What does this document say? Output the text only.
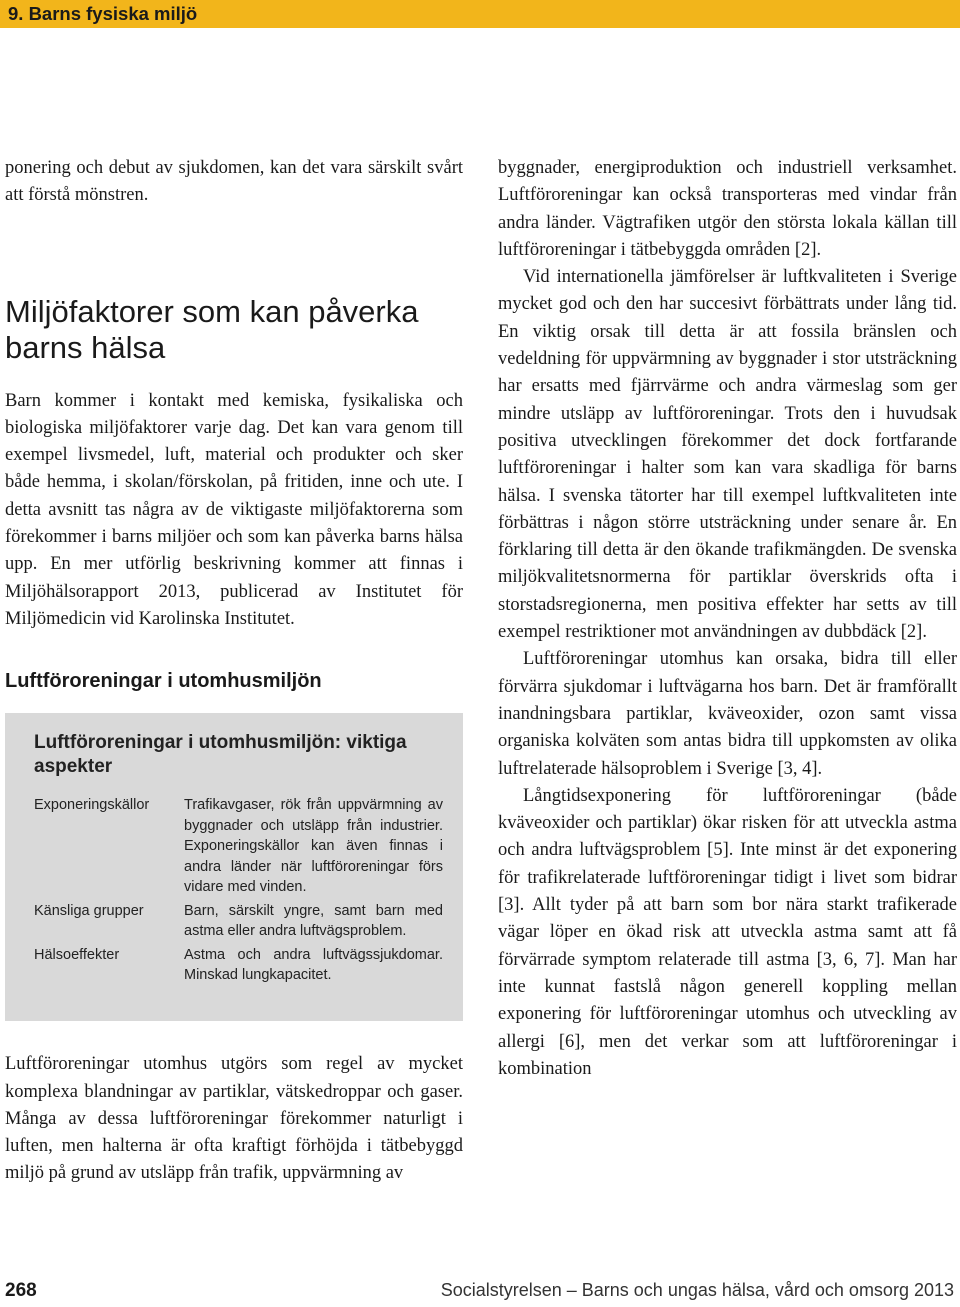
9. Barns fysiska miljö

ponering och debut av sjukdomen, kan det vara särskilt svårt att förstå mönstren.

Miljöfaktorer som kan påverka barns hälsa

Barn kommer i kontakt med kemiska, fysikaliska och biologiska miljöfaktorer varje dag. Det kan vara genom till exempel livsmedel, luft, material och produkter och sker både hemma, i skolan/förskolan, på fritiden, inne och ute. I detta avsnitt tas några av de viktigaste miljöfaktorerna som förekommer i barns miljöer och som kan påverka barns hälsa upp. En mer utförlig beskrivning kommer att finnas i Miljöhälsorapport 2013, publicerad av Institutet för Miljömedicin vid Karolinska Institutet.

Luftföroreningar i utomhusmiljön
Luftföroreningar i utomhusmiljön: viktiga aspekter
Exponeringskällor	Trafikavgaser, rök från uppvärmning av byggnader och utsläpp från industrier. Exponeringskällor kan även finnas i andra länder när luftföroreningar förs vidare med vinden.
Känsliga grupper	Barn, särskilt yngre, samt barn med astma eller andra luftvägsproblem.
Hälsoeffekter	Astma och andra luftvägssjukdomar. Minskad lungkapacitet.

Luftföroreningar utomhus utgörs som regel av mycket komplexa blandningar av partiklar, vätskedroppar och gaser. Många av dessa luftföroreningar förekommer naturligt i luften, men halterna är ofta kraftigt förhöjda i tätbebyggd miljö på grund av utsläpp från trafik, uppvärmning av

byggnader, energiproduktion och industriell verksamhet. Luftföroreningar kan också transporteras med vindar från andra länder. Vägtrafiken utgör den största lokala källan till luftföroreningar i tätbebyggda områden [2].

Vid internationella jämförelser är luftkvaliteten i Sverige mycket god och den har succesivt förbättrats under lång tid. En viktig orsak till detta är att fossila bränslen och vedeldning för uppvärmning av byggnader i stor utsträckning har ersatts med fjärrvärme och andra värmeslag som ger mindre utsläpp av luftföroreningar. Trots den i huvudsak positiva utvecklingen förekommer det dock fortfarande luftföroreningar i halter som kan vara skadliga för barns hälsa. I svenska tätorter har till exempel luftkvaliteten inte förbättras i någon större utsträckning under senare år. En förklaring till detta är den ökande trafikmängden. De svenska miljökvalitetsnormerna för partiklar överskrids ofta i storstadsregionerna, men positiva effekter har setts av till exempel restriktioner mot användningen av dubbdäck [2].

Luftföroreningar utomhus kan orsaka, bidra till eller förvärra sjukdomar i luftvägarna hos barn. Det är framförallt inandningsbara partiklar, kväveoxider, ozon samt vissa organiska kolväten som antas bidra till uppkomsten av olika luftrelaterade hälsoproblem i Sverige [3, 4].

Långtidsexponering för luftföroreningar (både kväveoxider och partiklar) ökar risken för att utveckla astma och andra luftvägsproblem [5]. Inte minst är det exponering för trafikrelaterade luftföroreningar tidigt i livet som bidrar [3]. Allt tyder på att barn som bor nära starkt trafikerade vägar löper en ökad risk att utveckla astma samt att få förvärrade symptom relaterade till astma [3, 6, 7]. Man har inte kunnat fastslå någon generell koppling mellan exponering för luftföroreningar utomhus och utveckling av allergi [6], men det verkar som att luftföroreningar i kombination

268	Socialstyrelsen – Barns och ungas hälsa, vård och omsorg 2013
